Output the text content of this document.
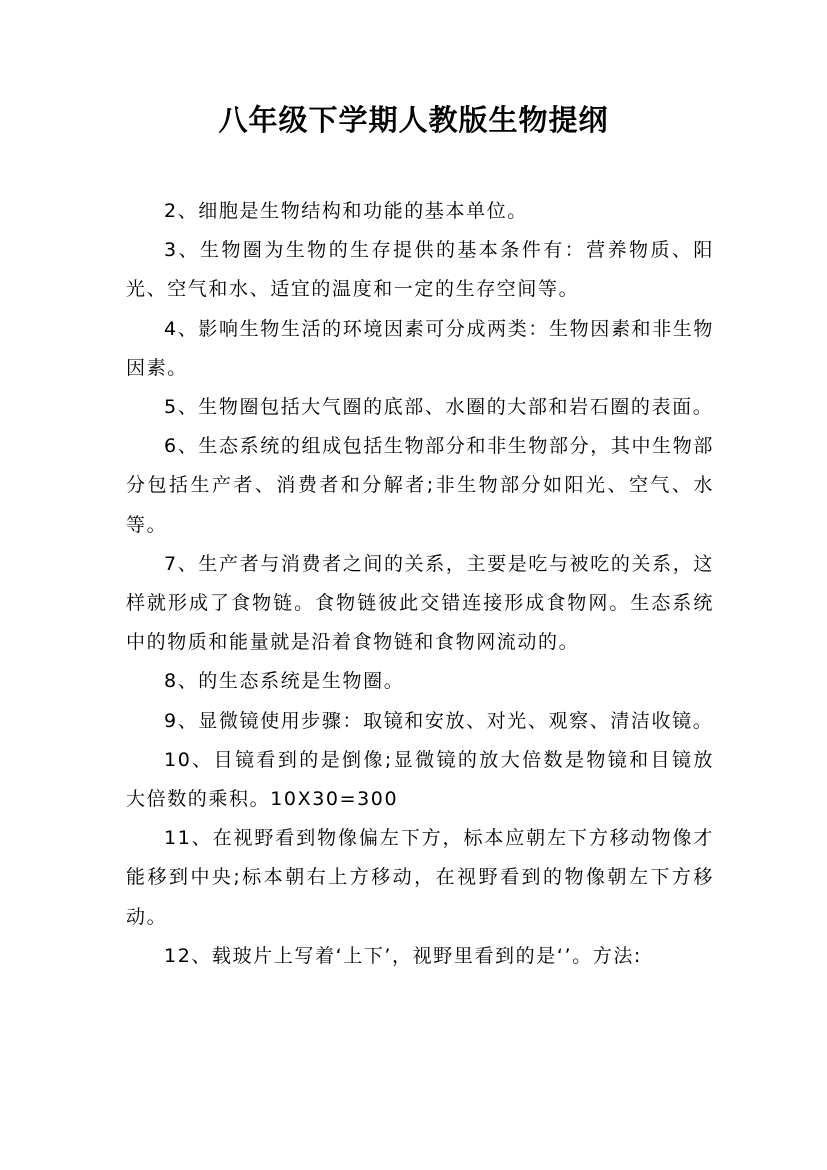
八年级下学期人教版生物提纲

2、细胞是生物结构和功能的基本单位。

3、生物圈为生物的生存提供的基本条件有：营养物质、阳光、空气和水、适宜的温度和一定的生存空间等。

4、影响生物生活的环境因素可分成两类：生物因素和非生物因素。

5、生物圈包括大气圈的底部、水圈的大部和岩石圈的表面。

6、生态系统的组成包括生物部分和非生物部分，其中生物部分包括生产者、消费者和分解者;非生物部分如阳光、空气、水等。

7、生产者与消费者之间的关系，主要是吃与被吃的关系，这样就形成了食物链。食物链彼此交错连接形成食物网。生态系统中的物质和能量就是沿着食物链和食物网流动的。

8、的生态系统是生物圈。

9、显微镜使用步骤：取镜和安放、对光、观察、清洁收镜。

10、目镜看到的是倒像;显微镜的放大倍数是物镜和目镜放大倍数的乘积。10X30=300

11、在视野看到物像偏左下方，标本应朝左下方移动物像才能移到中央;标本朝右上方移动，在视野看到的物像朝左下方移动。

12、载玻片上写着‘上下’，视野里看到的是‘’。方法:
